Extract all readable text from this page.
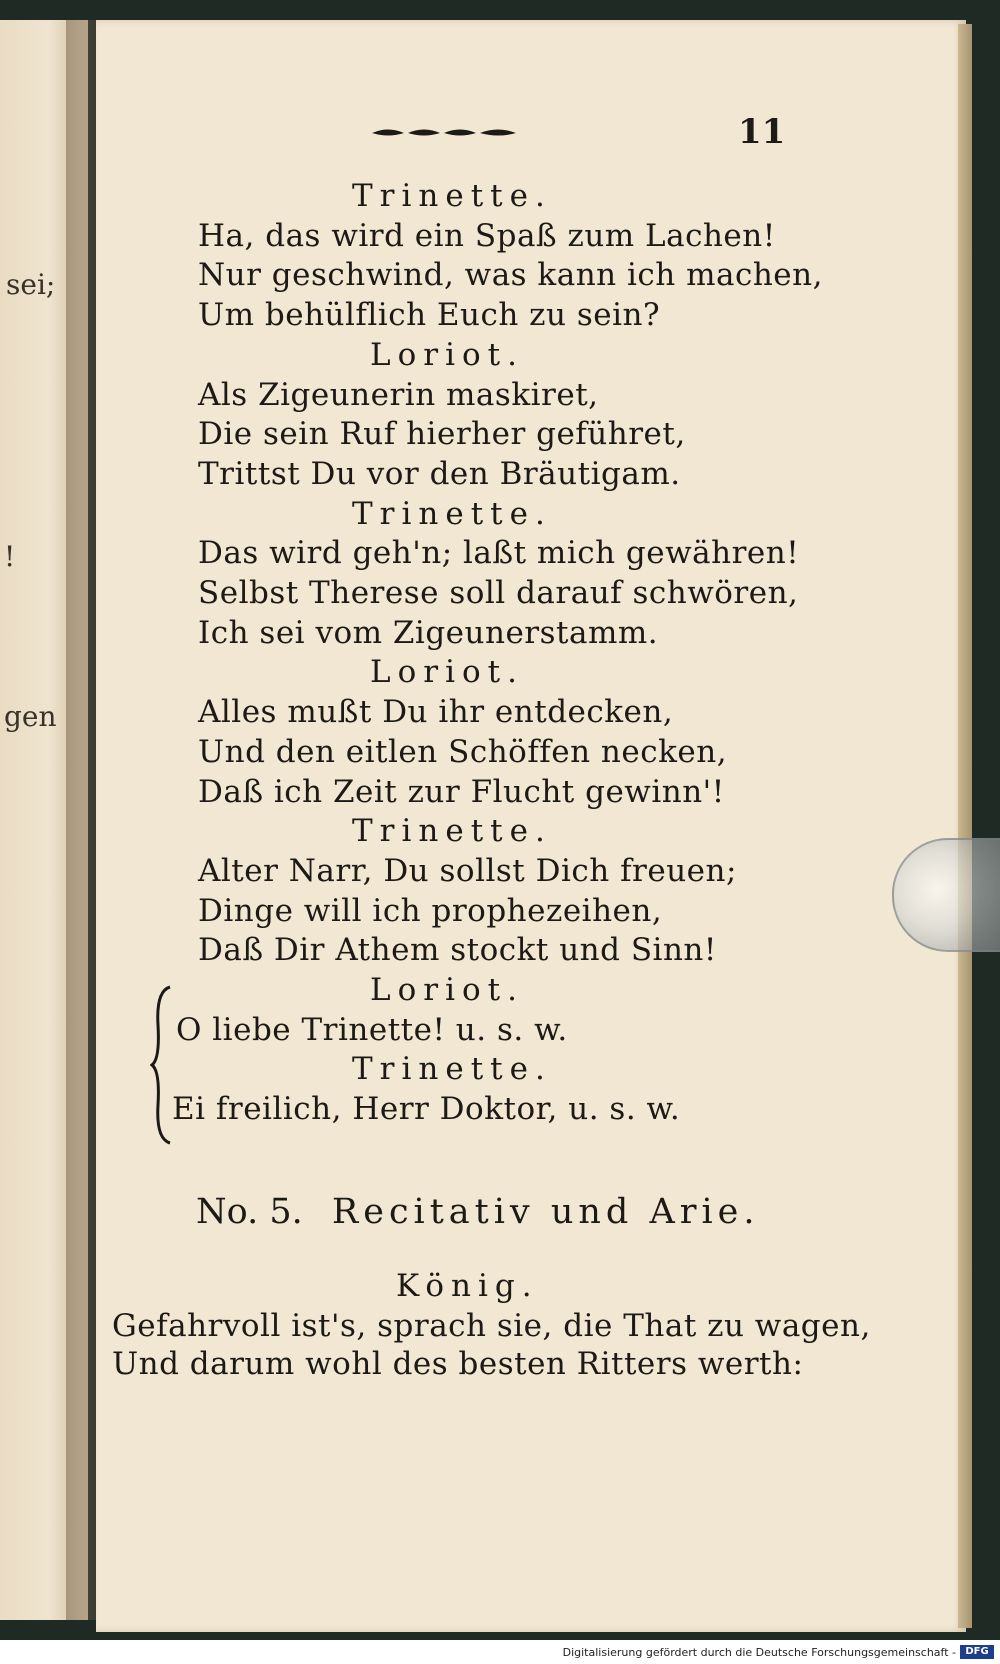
sei;
!
gen
11
Trinette.
Ha, das wird ein Spaß zum Lachen!
Nur geschwind, was kann ich machen,
Um behülflich Euch zu sein?
Loriot.
Als Zigeunerin maskiret,
Die sein Ruf hierher geführet,
Trittst Du vor den Bräutigam.
Trinette.
Das wird geh'n; laßt mich gewähren!
Selbst Therese soll darauf schwören,
Ich sei vom Zigeunerstamm.
Loriot.
Alles mußt Du ihr entdecken,
Und den eitlen Schöffen necken,
Daß ich Zeit zur Flucht gewinn'!
Trinette.
Alter Narr, Du sollst Dich freuen;
Dinge will ich prophezeihen,
Daß Dir Athem stockt und Sinn!
Loriot.
O liebe Trinette! u. s. w.
Trinette.
Ei freilich, Herr Doktor, u. s. w.
No. 5. Recitativ und Arie.
König.
Gefahrvoll ist's, sprach sie, die That zu wagen,
Und darum wohl des besten Ritters werth:
Digitalisierung gefördert durch die Deutsche Forschungsgemeinschaft - DFG
